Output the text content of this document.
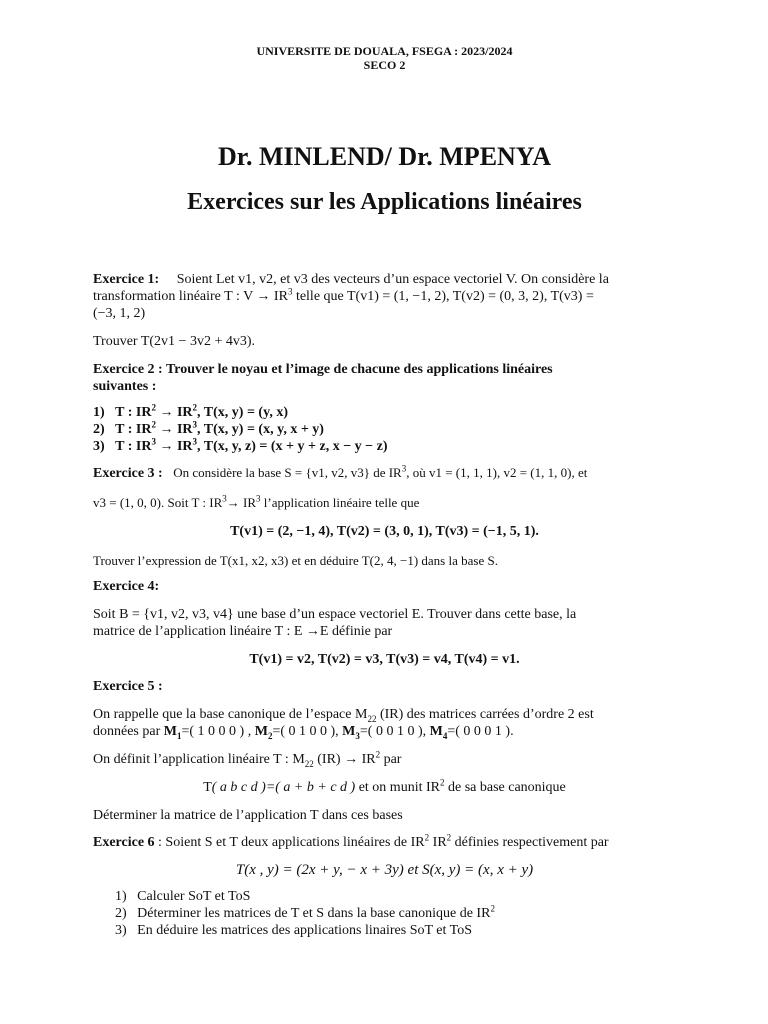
UNIVERSITE DE DOUALA, FSEGA : 2023/2024
SECO 2
Dr. MINLEND/ Dr. MPENYA
Exercices sur les Applications linéaires

Exercice 1: Soient Let v1, v2, et v3 des vecteurs d’un espace vectoriel V. On considère la

transformation linéaire T : $V \to IR^3$ telle que T(v1) = (1, −1, 2), T(v2) = (0, 3, 2), T(v3) =

(−3, 1, 2)

Trouver T(2v1 − 3v2 + 4v3).

Exercice 2 : Trouver le noyau et l’image de chacune des applications linéaires

suivantes :

1) T : $IR^2 \to IR^2$, T(x, y) = (y, x)
2) T : $IR^2 \to IR^3$, T(x, y) = (x, y, x + y)
3) T : $IR^3 \to IR^3$, T(x, y, z) = (x + y + z, x − y − z)

Exercice 3 : On considère la base S = {v1, v2, v3} de $IR^3$, où v1 = (1, 1, 1), v2 = (1, 1, 0), et

v3 = (1, 0, 0). Soit T : $IR^3\to IR^3$ l’application linéaire telle que

T(v1) = (2, −1, 4), T(v2) = (3, 0, 1), T(v3) = (−1, 5, 1).

Trouver l’expression de T(x1, x2, x3) et en déduire T(2, 4, −1) dans la base S.

Exercice 4:

Soit B = {v1, v2, v3, v4} une base d’un espace vectoriel E. Trouver dans cette base, la

matrice de l’application linéaire T : E →E définie par

T(v1) = v2, T(v2) = v3, T(v3) = v4, T(v4) = v1.

Exercice 5 :

On rappelle que la base canonique de l’espace $M_{22}$ (IR) des matrices carrées d’ordre 2 est

données par $M_1=$( 1 0 0 0 ) , $M_2=$( 0 1 0 0 ), $M_3=$( 0 0 1 0 ), $M_4=$( 0 0 0 1 ).

On définit l’application linéaire T : $M_{22}$ $(IR) \to IR^2$ par

T( a b c d )=( a + b + c d ) et on munit $IR^2$ de sa base canonique

Déterminer la matrice de l’application T dans ces bases

Exercice 6 : Soient S et T deux applications linéaires de $IR^2$ $IR^2$ définies respectivement par

T(x , y) = (2x + y, − x + 3y) et S(x, y) = (x, x + y)

1) Calculer SoT et ToS
2) Déterminer les matrices de T et S dans la base canonique de $IR^2$
3) En déduire les matrices des applications linaires SoT et ToS
